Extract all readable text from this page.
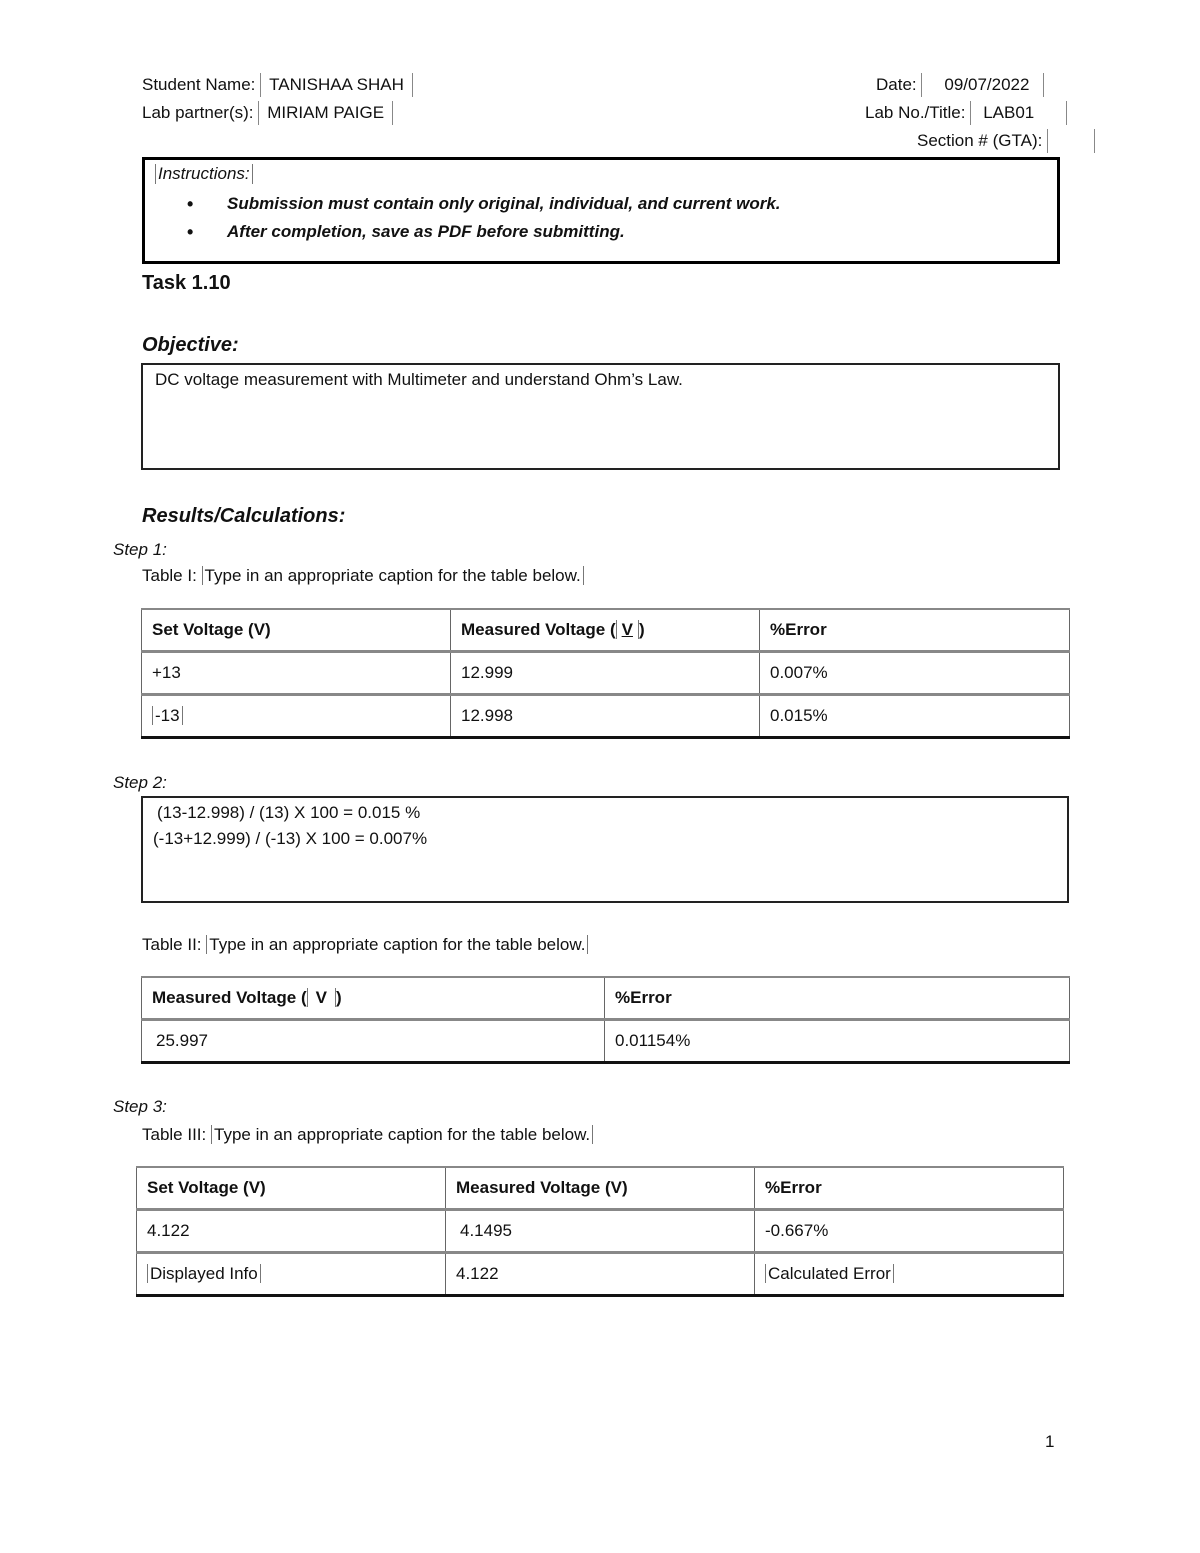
Student Name: TANISHAA SHAH	Date: 09/07/2022
Lab partner(s): MIRIAM PAIGE	Lab No./Title: LAB01
Section # (GTA):
Instructions:
• Submission must contain only original, individual, and current work.
• After completion, save as PDF before submitting.
Task 1.10
Objective:
DC voltage measurement with Multimeter and understand Ohm’s Law.
Results/Calculations:
Step 1:
Table I: Type in an appropriate caption for the table below.
Set Voltage (V)	Measured Voltage ( V )	%Error
+13	12.999	0.007%
-13	12.998	0.015%
Step 2:
(13-12.998) / (13) X 100 = 0.015 %
(-13+12.999) / (-13) X 100 = 0.007%
Table II: Type in an appropriate caption for the table below.
Measured Voltage ( V )	%Error
25.997	0.01154%
Step 3:
Table III: Type in an appropriate caption for the table below.
Set Voltage (V)	Measured Voltage (V)	%Error
4.122	4.1495	-0.667%
Displayed Info	4.122	Calculated Error
1
